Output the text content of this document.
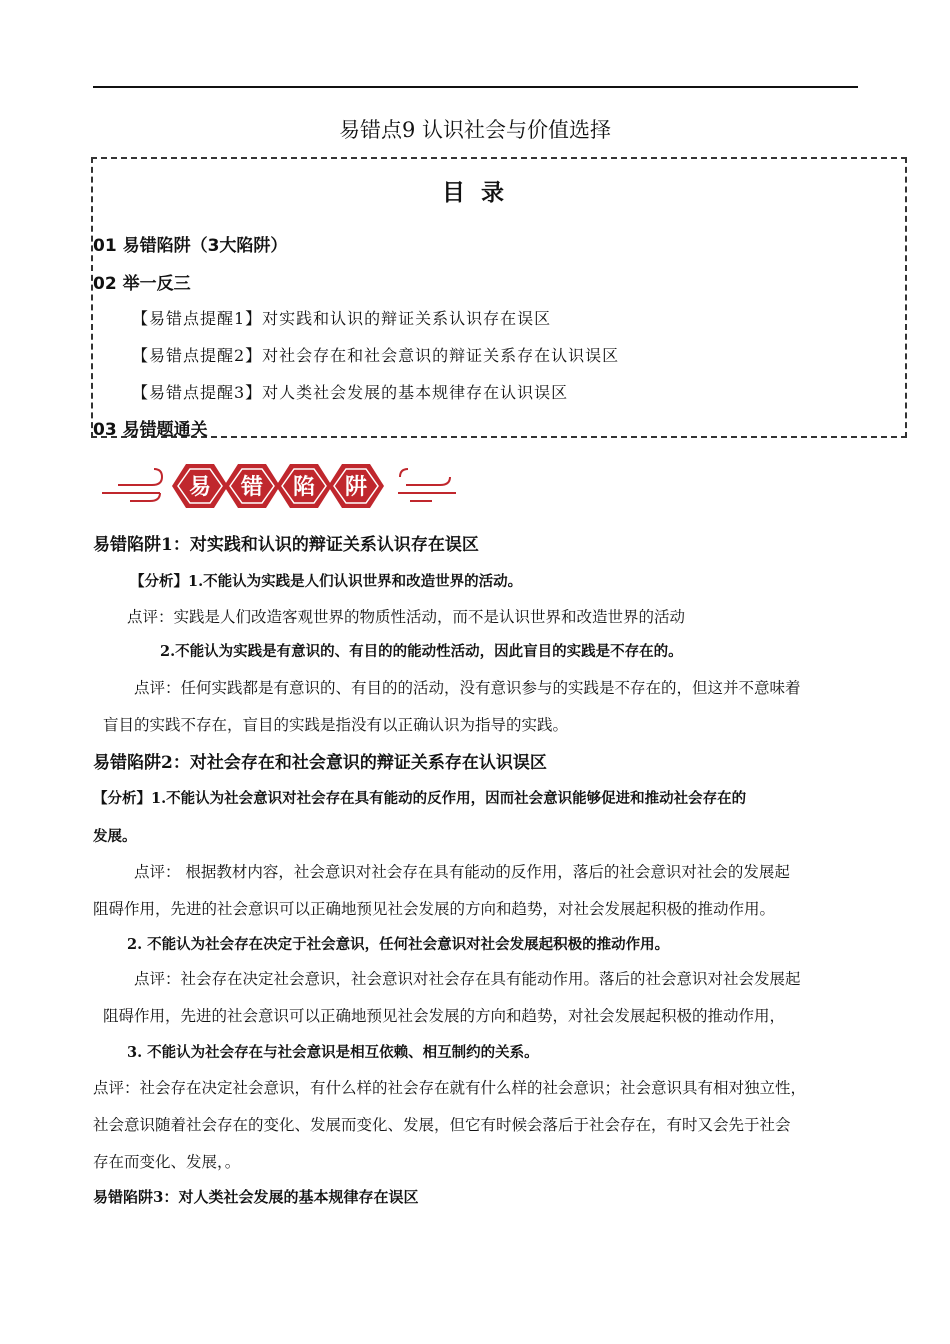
易错点9 认识社会与价值选择
目 录
01 易错陷阱（3大陷阱）
02 举一反三
【易错点提醒1】对实践和认识的辩证关系认识存在误区
【易错点提醒2】对社会存在和社会意识的辩证关系存在认识误区
【易错点提醒3】对人类社会发展的基本规律存在认识误区
03 易错题通关
易 错 陷 阱
易错陷阱1：对实践和认识的辩证关系认识存在误区
【分析】1.不能认为实践是人们认识世界和改造世界的活动。
点评：实践是人们改造客观世界的物质性活动，而不是认识世界和改造世界的活动
2.不能认为实践是有意识的、有目的的能动性活动，因此盲目的实践是不存在的。
点评：任何实践都是有意识的、有目的的活动，没有意识参与的实践是不存在的，但这并不意味着
盲目的实践不存在，盲目的实践是指没有以正确认识为指导的实践。
易错陷阱2：对社会存在和社会意识的辩证关系存在认识误区
【分析】1.不能认为社会意识对社会存在具有能动的反作用，因而社会意识能够促进和推动社会存在的
发展。
点评： 根据教材内容，社会意识对社会存在具有能动的反作用，落后的社会意识对社会的发展起
阻碍作用，先进的社会意识可以正确地预见社会发展的方向和趋势，对社会发展起积极的推动作用。
2. 不能认为社会存在决定于社会意识，任何社会意识对社会发展起积极的推动作用。
点评：社会存在决定社会意识，社会意识对社会存在具有能动作用。落后的社会意识对社会发展起
阻碍作用，先进的社会意识可以正确地预见社会发展的方向和趋势，对社会发展起积极的推动作用，
3. 不能认为社会存在与社会意识是相互依赖、相互制约的关系。
点评：社会存在决定社会意识，有什么样的社会存在就有什么样的社会意识；社会意识具有相对独立性，
社会意识随着社会存在的变化、发展而变化、发展，但它有时候会落后于社会存在，有时又会先于社会
存在而变化、发展，。
易错陷阱3：对人类社会发展的基本规律存在误区
